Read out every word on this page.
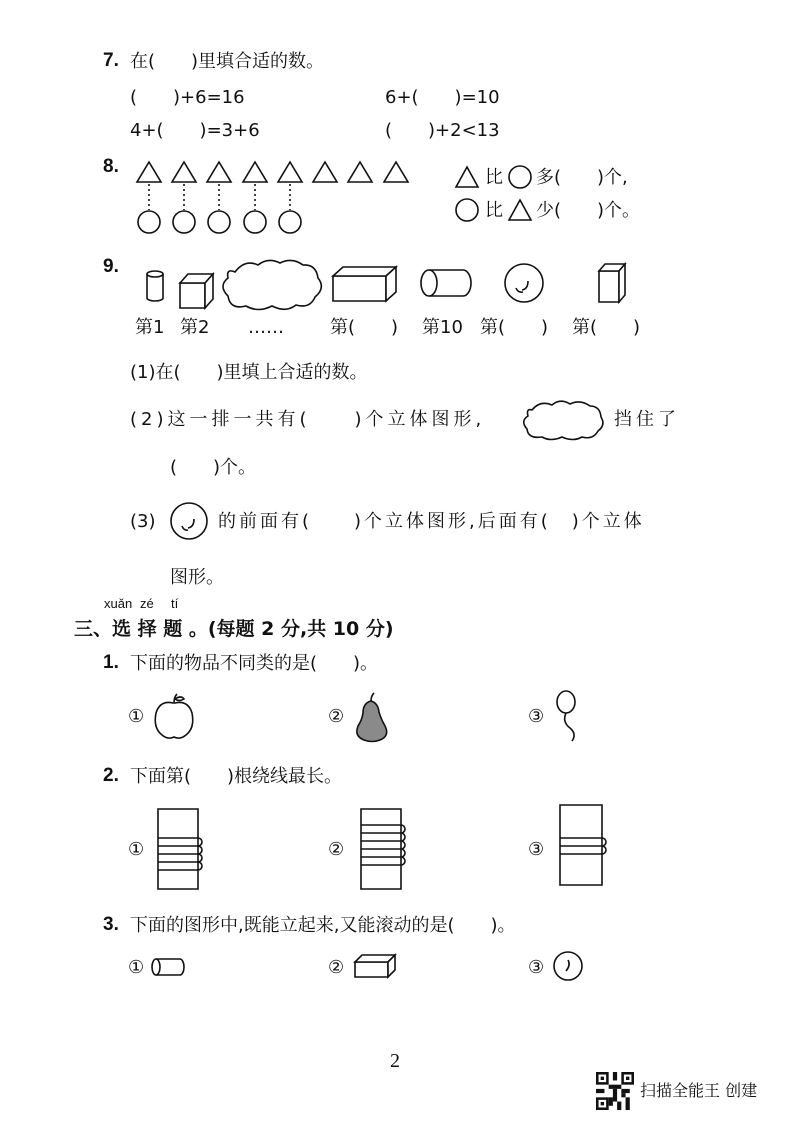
7. 在(　　)里填合适的数。
(　　)+6=16	6+(　　)=10
4+(　　)=3+6	(　　)+2<13
8.
比 多(　　)个,
比 少(　　)个。
9.
第1 第2 ……	第(　　) 第10 第(　　) 第(　　)
(1)在(　　)里填上合适的数。
(2)这一排一共有(　　)个立体图形,	挡住了
(　　)个。
(3)	的前面有(　　)个立体图形,后面有(　)个立体
图形。
xuǎn zé tí
三、选 择 题 。(每题 2 分,共 10 分)
1. 下面的物品不同类的是(　　)。
①	②	③
2. 下面第(　　)根绕线最长。
①	②	③
3. 下面的图形中,既能立起来,又能滚动的是(　　)。
①	②	③
2
扫描全能王 创建
